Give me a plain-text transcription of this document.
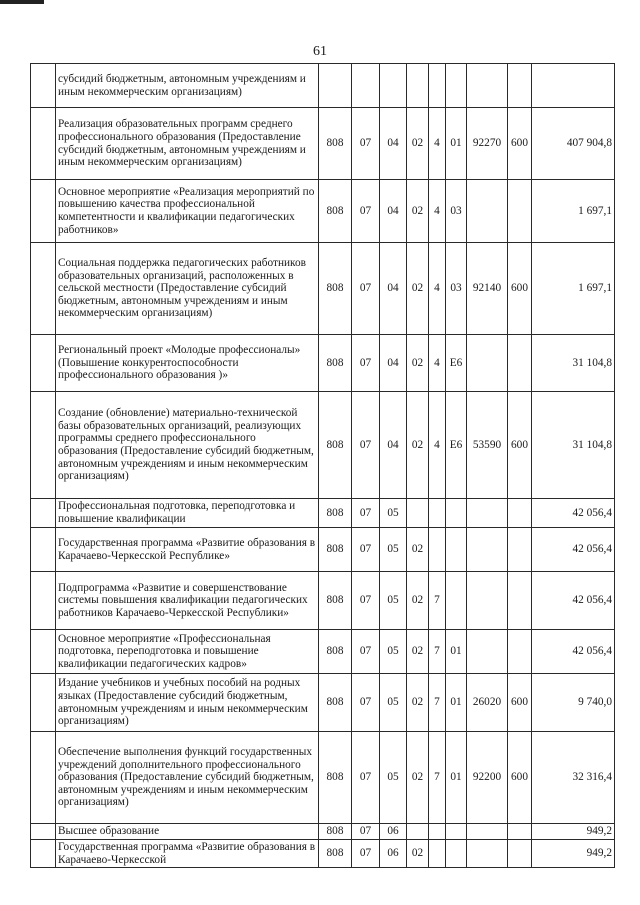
61
	субсидий бюджетным, автономным учреждениям и иным некоммерческим организациям)									
	Реализация образовательных программ среднего профессионального образования (Предоставление субсидий бюджетным, автономным учреждениям и иным некоммерческим организациям)	808	07	04	02	4	01	92270	600	407 904,8
	Основное мероприятие «Реализация мероприятий по повышению качества профессиональной компетентности и квалификации педагогических работников»	808	07	04	02	4	03			1 697,1
	Социальная поддержка педагогических работников образовательных организаций, расположенных в сельской местности (Предоставление субсидий бюджетным, автономным учреждениям и иным некоммерческим организациям)	808	07	04	02	4	03	92140	600	1 697,1
	Региональный проект «Молодые профессионалы» (Повышение конкурентоспособности профессионального образования )»	808	07	04	02	4	E6			31 104,8
	Создание (обновление) материально-технической базы образовательных организаций, реализующих программы среднего профессионального образования (Предоставление субсидий бюджетным, автономным учреждениям и иным некоммерческим организациям)	808	07	04	02	4	E6	53590	600	31 104,8
	Профессиональная подготовка, переподготовка и повышение квалификации	808	07	05						42 056,4
	Государственная программа «Развитие образования в Карачаево-Черкесской Республике»	808	07	05	02					42 056,4
	Подпрограмма «Развитие и совершенствование системы повышения квалификации педагогических работников Карачаево-Черкесской Республики»	808	07	05	02	7				42 056,4
	Основное мероприятие «Профессиональная подготовка, переподготовка и повышение квалификации педагогических кадров»	808	07	05	02	7	01			42 056,4
	Издание учебников и учебных пособий на родных языках (Предоставление субсидий бюджетным, автономным учреждениям и иным некоммерческим организациям)	808	07	05	02	7	01	26020	600	9 740,0
	Обеспечение выполнения функций государственных учреждений дополнительного профессионального образования (Предоставление субсидий бюджетным, автономным учреждениям и иным некоммерческим организациям)	808	07	05	02	7	01	92200	600	32 316,4
	Высшее образование	808	07	06						949,2
	Государственная программа «Развитие образования в Карачаево-Черкесской	808	07	06	02					949,2
